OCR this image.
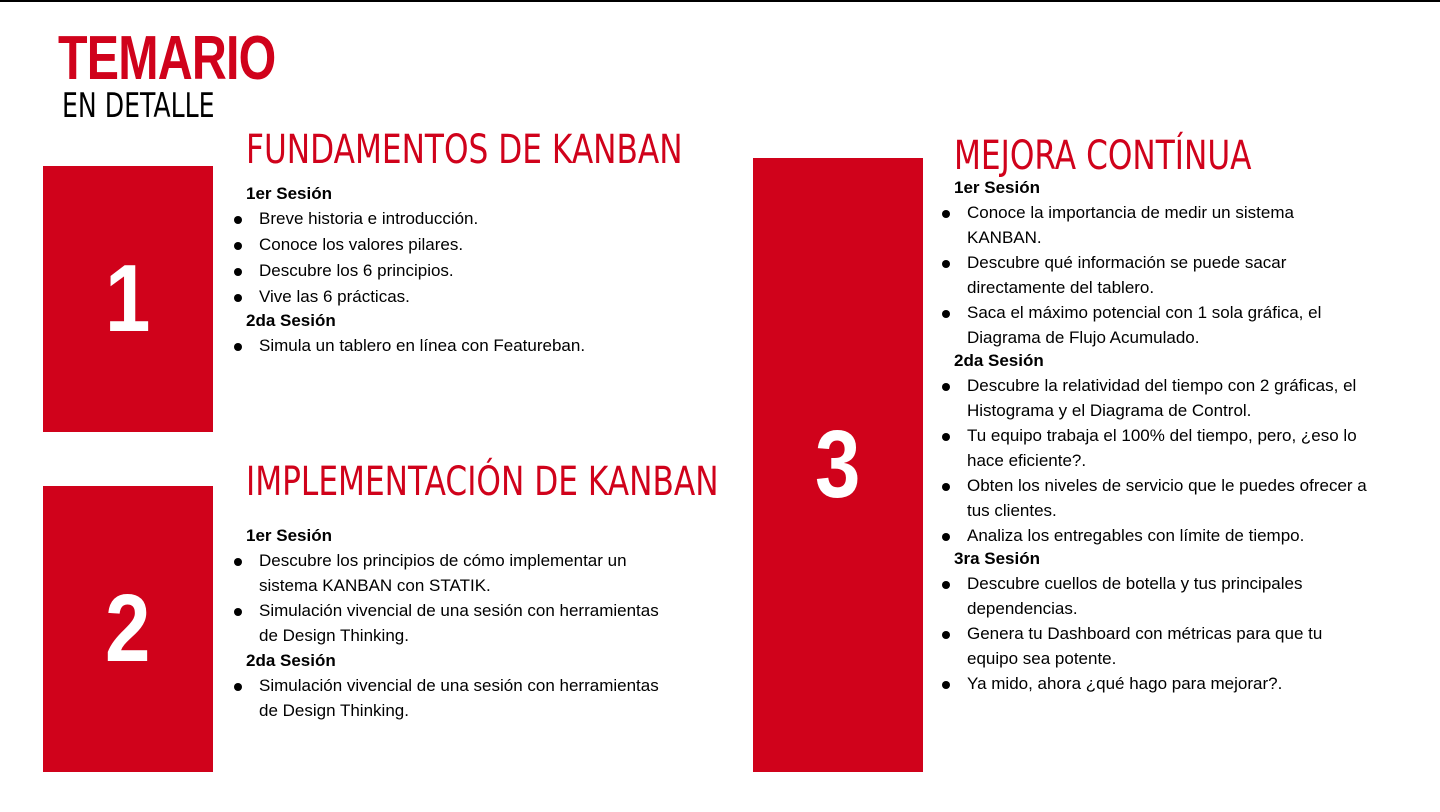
TEMARIO
EN DETALLE
1
2
3
FUNDAMENTOS DE KANBAN
1er Sesión
Breve historia e introducción.
Conoce los valores pilares.
Descubre los 6 principios.
Vive las 6 prácticas.
2da Sesión
Simula un tablero en línea con Featureban.
IMPLEMENTACIÓN DE KANBAN
1er Sesión
Descubre los principios de cómo implementar un
sistema KANBAN con STATIK.
Simulación vivencial de una sesión con herramientas
de Design Thinking.
2da Sesión
Simulación vivencial de una sesión con herramientas
de Design Thinking.
MEJORA CONTÍNUA
1er Sesión
Conoce la importancia de medir un sistema
KANBAN.
Descubre qué información se puede sacar
directamente del tablero.
Saca el máximo potencial con 1 sola gráfica, el
Diagrama de Flujo Acumulado.
2da Sesión
Descubre la relatividad del tiempo con 2 gráficas, el
Histograma y el Diagrama de Control.
Tu equipo trabaja el 100% del tiempo, pero, ¿eso lo
hace eficiente?.
Obten los niveles de servicio que le puedes ofrecer a
tus clientes.
Analiza los entregables con límite de tiempo.
3ra Sesión
Descubre cuellos de botella y tus principales
dependencias.
Genera tu Dashboard con métricas para que tu
equipo sea potente.
Ya mido, ahora ¿qué hago para mejorar?.
